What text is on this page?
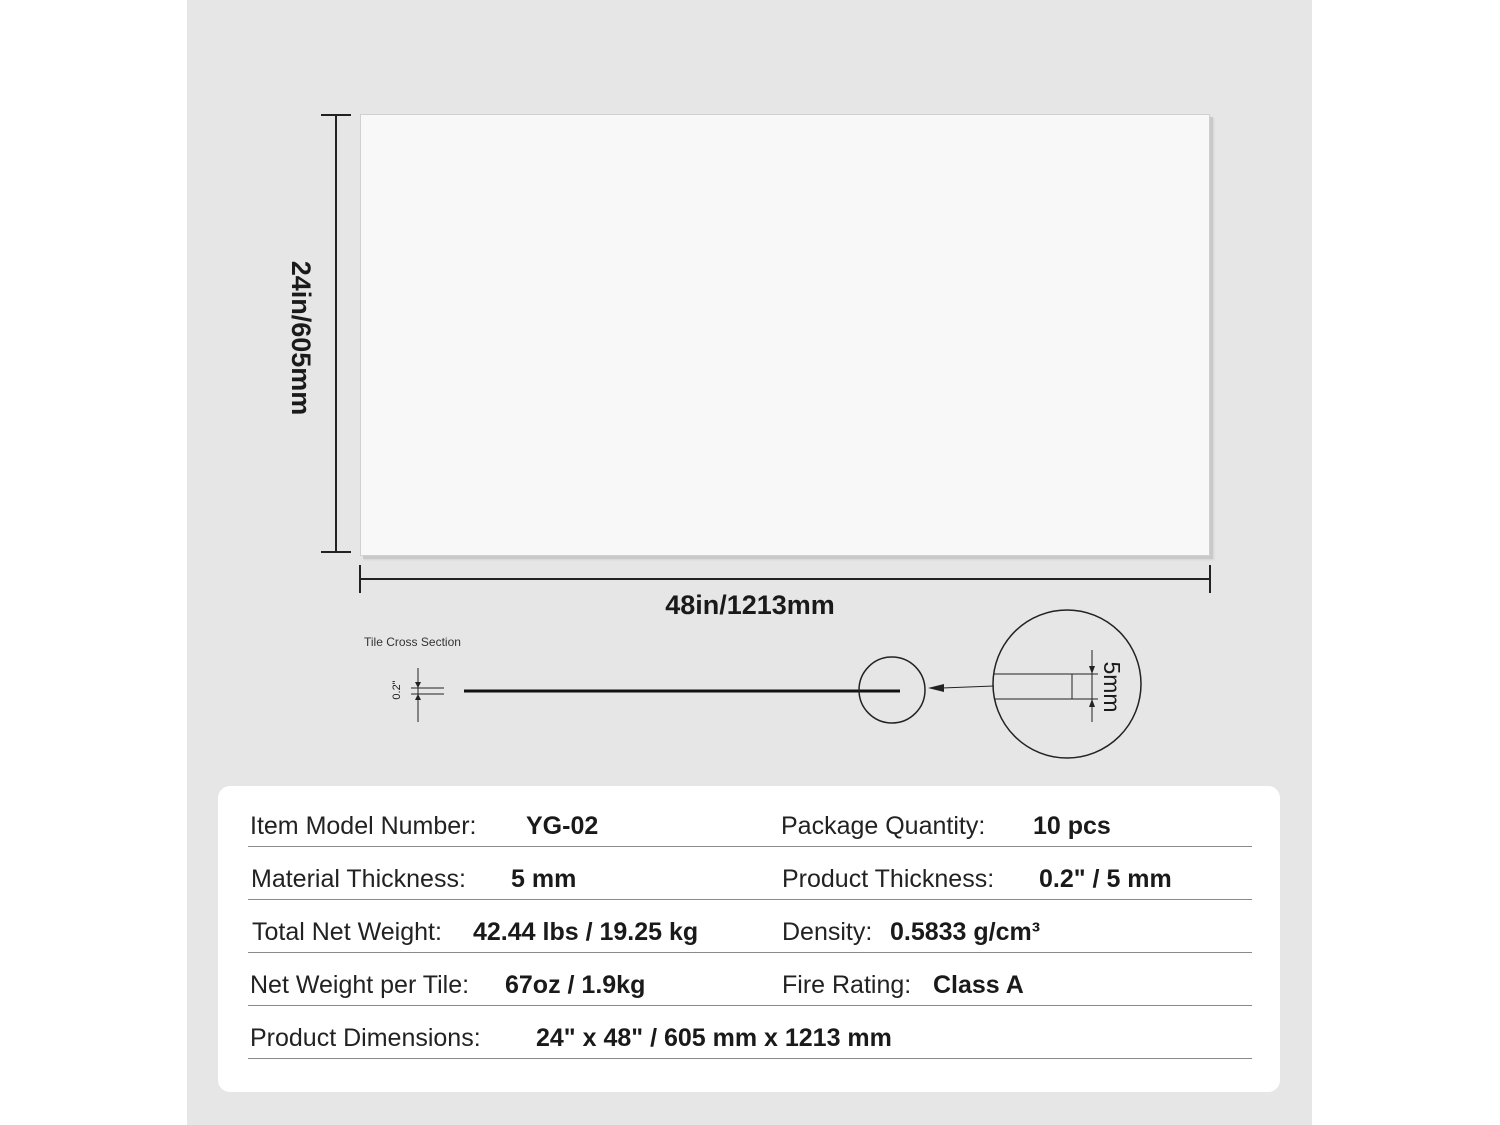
48in/1213mm
24in/605mm
Tile Cross Section
0.2"	5mm
Item Model Number: YG-02	Package Quantity: 10 pcs
Material Thickness: 5 mm	Product Thickness: 0.2" / 5 mm
Total Net Weight: 42.44 lbs / 19.25 kg	Density: 0.5833 g/cm³
Net Weight per Tile: 67oz / 1.9kg	Fire Rating: Class A
Product Dimensions: 24" x 48" / 605 mm x 1213 mm
